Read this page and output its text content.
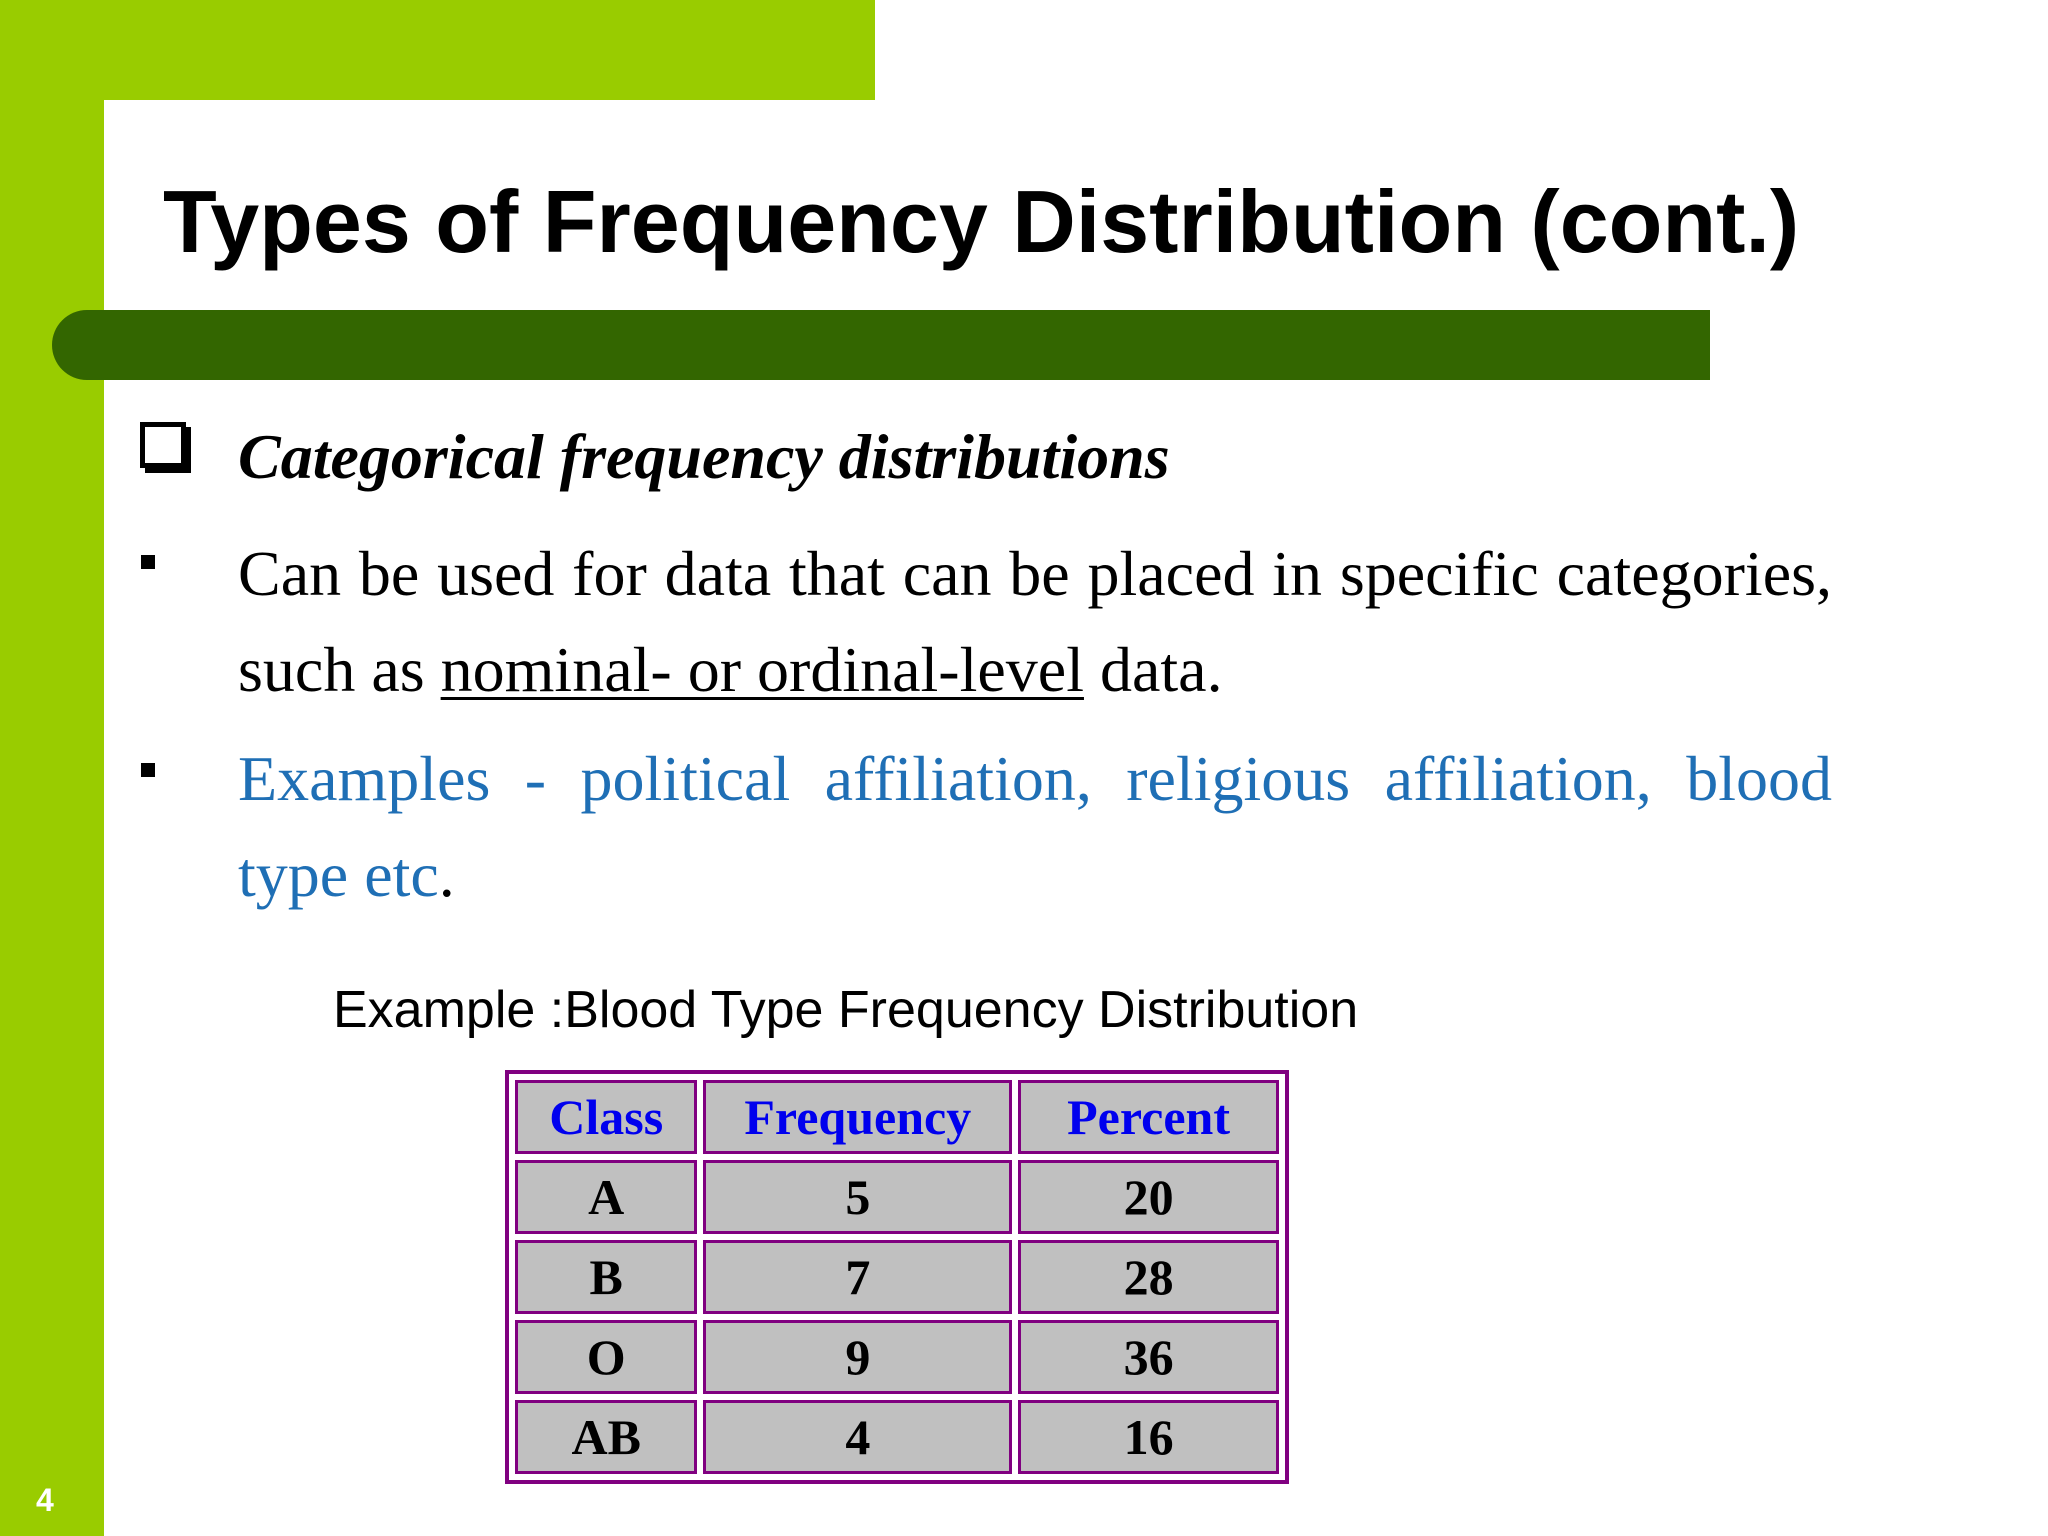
Types of Frequency Distribution (cont.)
Categorical frequency distributions

Can be used for data that can be placed in specific categories, such as nominal- or ordinal-level data.

Examples - political affiliation, religious affiliation, blood type etc.

Example :Blood Type Frequency Distribution
Class	Frequency	Percent
A	5	20
B	7	28
O	9	36
AB	4	16
4
